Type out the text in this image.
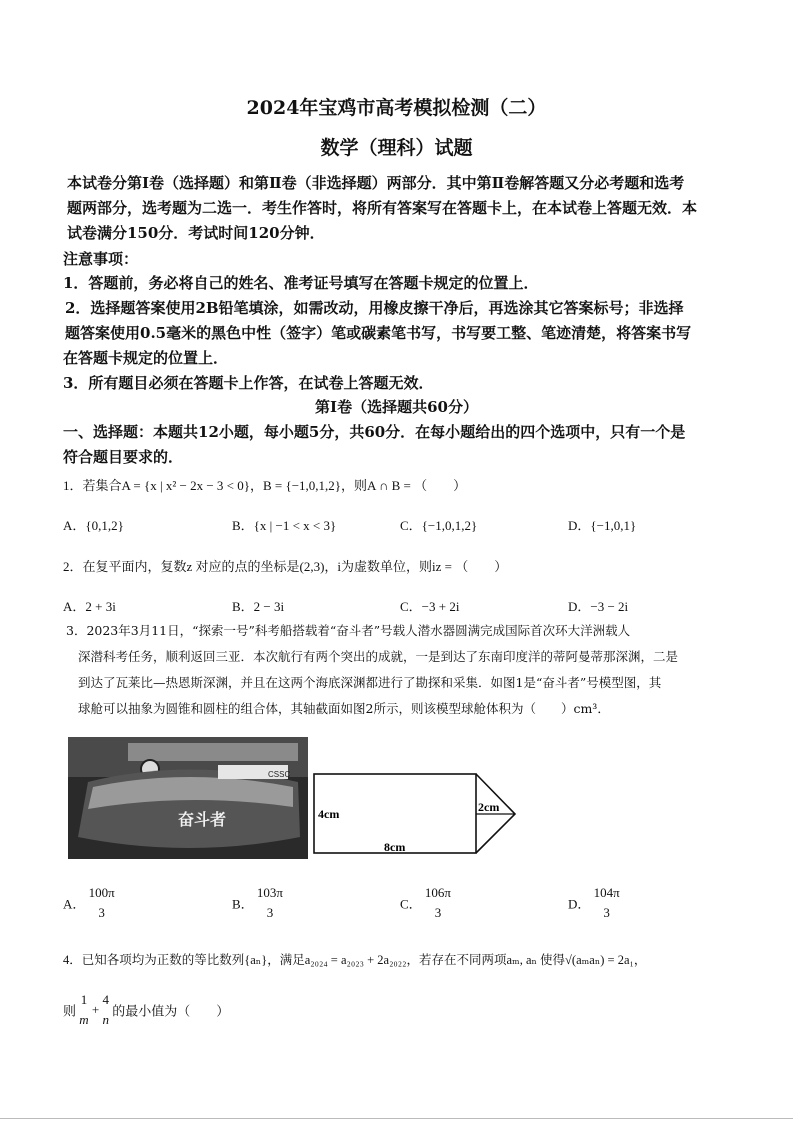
2024年宝鸡市高考模拟检测（二）
数学（理科）试题
本试卷分第Ⅰ卷（选择题）和第Ⅱ卷（非选择题）两部分．其中第Ⅱ卷解答题又分必考题和选考
题两部分，选考题为二选一．考生作答时，将所有答案写在答题卡上，在本试卷上答题无效．本
试卷满分150分．考试时间120分钟．
注意事项：
1．答题前，务必将自己的姓名、准考证号填写在答题卡规定的位置上．
2．选择题答案使用2B铅笔填涂，如需改动，用橡皮擦干净后，再选涂其它答案标号；非选择
题答案使用0.5毫米的黑色中性（签字）笔或碳素笔书写，书写要工整、笔迹清楚，将答案书写
在答题卡规定的位置上．
3．所有题目必须在答题卡上作答，在试卷上答题无效．
第Ⅰ卷（选择题共60分）
一、选择题：本题共12小题，每小题5分，共60分．在每小题给出的四个选项中，只有一个是
符合题目要求的．
1．若集合A = {x | x² − 2x − 3 < 0}，B = {−1,0,1,2}，则A ∩ B = （　　）
A．{0,1,2}	B．{x | −1 < x < 3}	C．{−1,0,1,2}	D．{−1,0,1}
2．在复平面内，复数z 对应的点的坐标是(2,3)，i为虚数单位，则iz = （　　）
A．2 + 3i	B．2 − 3i	C．−3 + 2i	D．−3 − 2i
3．2023年3月11日，“探索一号”科考船搭载着“奋斗者”号载人潜水器圆满完成国际首次环大洋洲载人
深潜科考任务，顺利返回三亚．本次航行有两个突出的成就，一是到达了东南印度洋的蒂阿曼蒂那深渊，二是
到达了瓦莱比—热恩斯深渊，并且在这两个海底深渊都进行了勘探和采集．如图1是“奋斗者”号模型图，其
球舱可以抽象为圆锥和圆柱的组合体，其轴截面如图2所示，则该模型球舱体积为（　　）cm³．
CSSC
奋斗者	4cm
8cm
2cm
A．
100π
3
B．
103π
3
C．
106π
3
D．
104π
3
4．已知各项均为正数的等比数列{aₙ}，满足a₂₀₂₄ = a₂₀₂₃ + 2a₂₀₂₂，若存在不同两项aₘ, aₙ 使得√(aₘaₙ) = 2a₁，
则
1
m
+
4
n
的最小值为（　　）
